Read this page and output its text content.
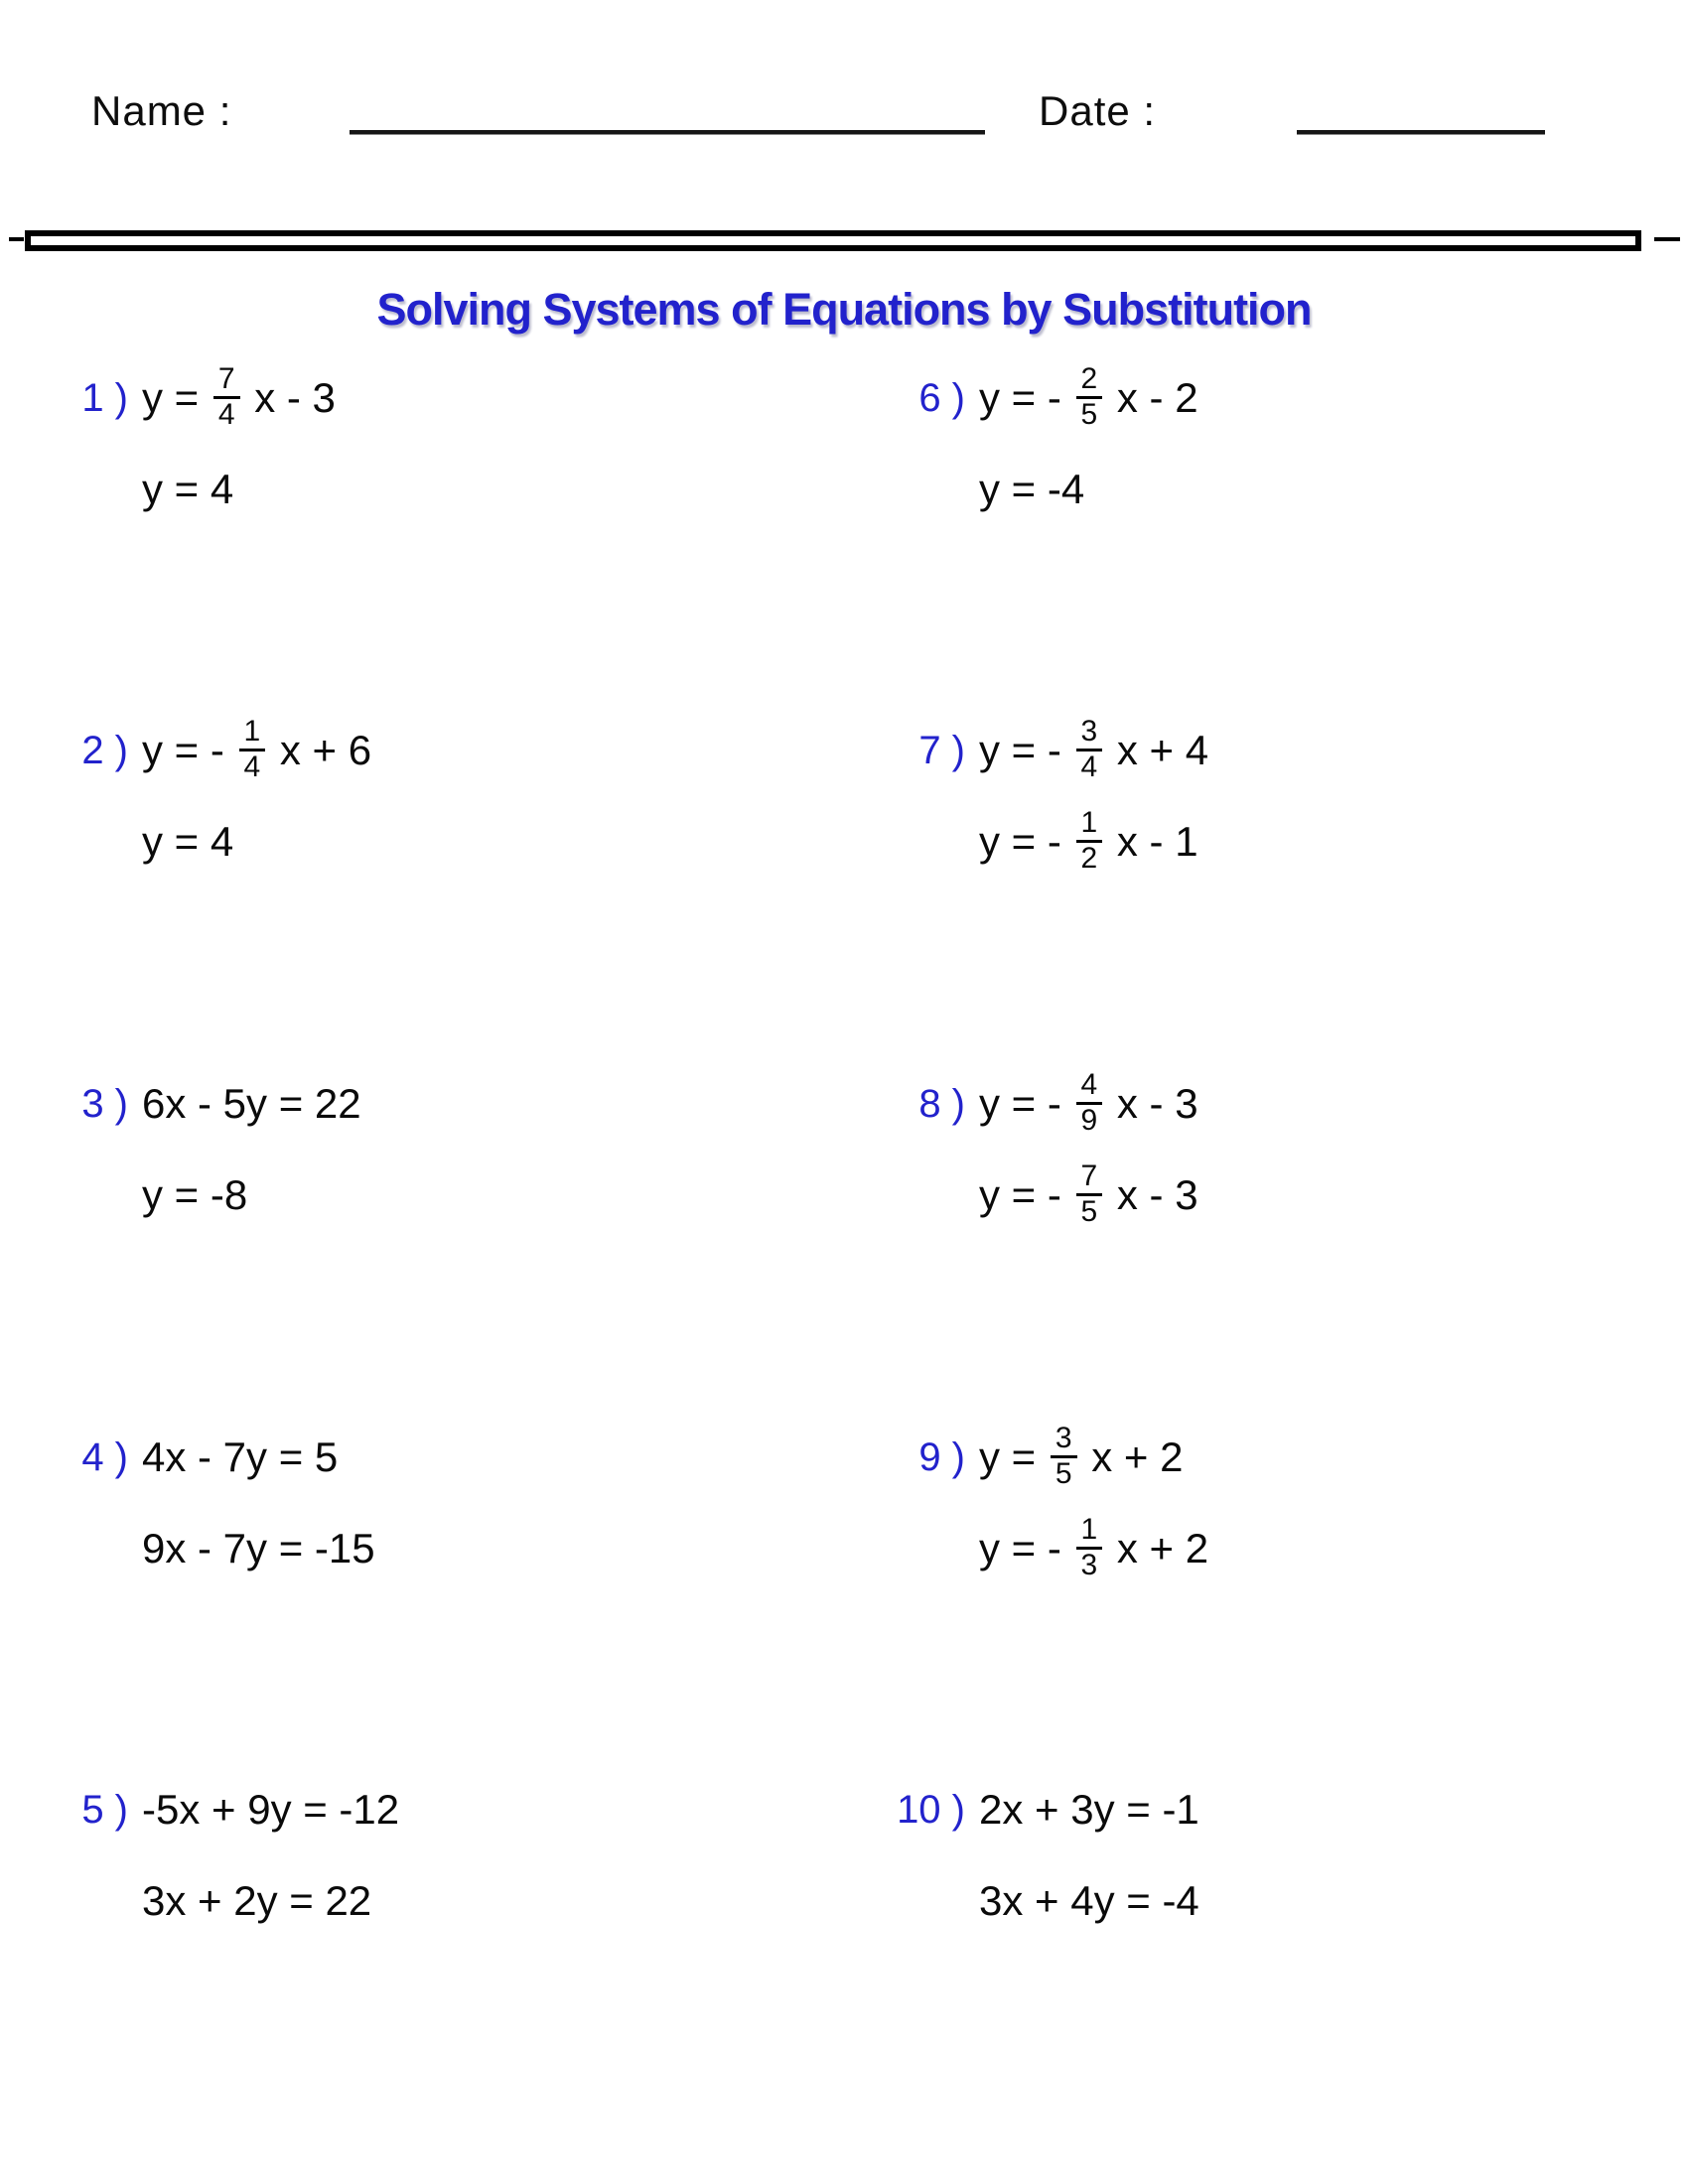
Name :	Date :
Solving Systems of Equations by Substitution
1 ) $y = \frac{7}{4}$ x - 3
y = 4
2 ) y = - $\frac{1}{4}$ x + 6
y = 4
3 ) 6x - 5y = 22
y = -8
4 ) 4x - 7y = 5
9x - 7y = -15
5 ) -5x + 9y = -12
3x + 2y = 22
6 ) y = - $\frac{2}{5}$ x - 2
y = -4
7 ) y = - $\frac{3}{4}$ x + 4
y = - $\frac{1}{2}$ x - 1
8 ) y = - $\frac{4}{9}$ x - 3
y = - $\frac{7}{5}$ x - 3
9 ) $y = \frac{3}{5}$ x + 2
y = - $\frac{1}{3}$ x + 2
10 ) 2x + 3y = -1
3x + 4y = -4
